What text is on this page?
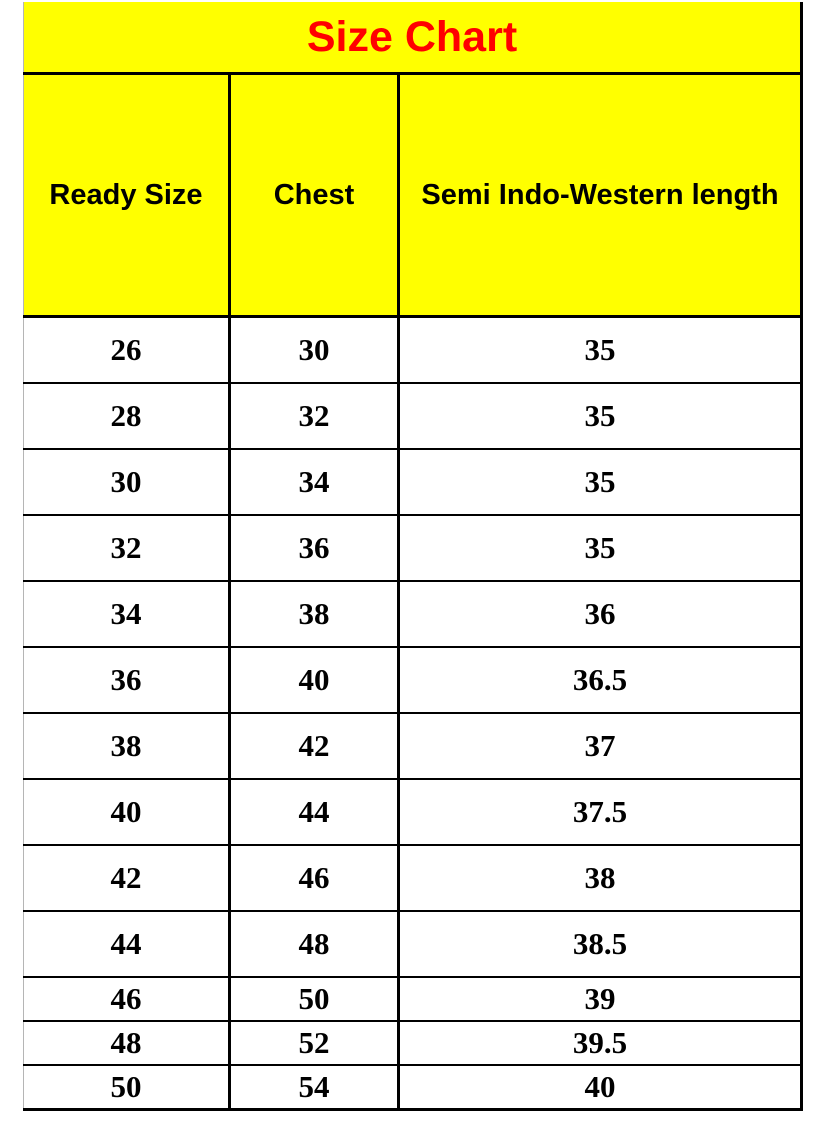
Size Chart		
Ready Size	Chest	Semi Indo-Western length
26	30	35
28	32	35
30	34	35
32	36	35
34	38	36
36	40	36.5
38	42	37
40	44	37.5
42	46	38
44	48	38.5
46	50	39
48	52	39.5
50	54	40
